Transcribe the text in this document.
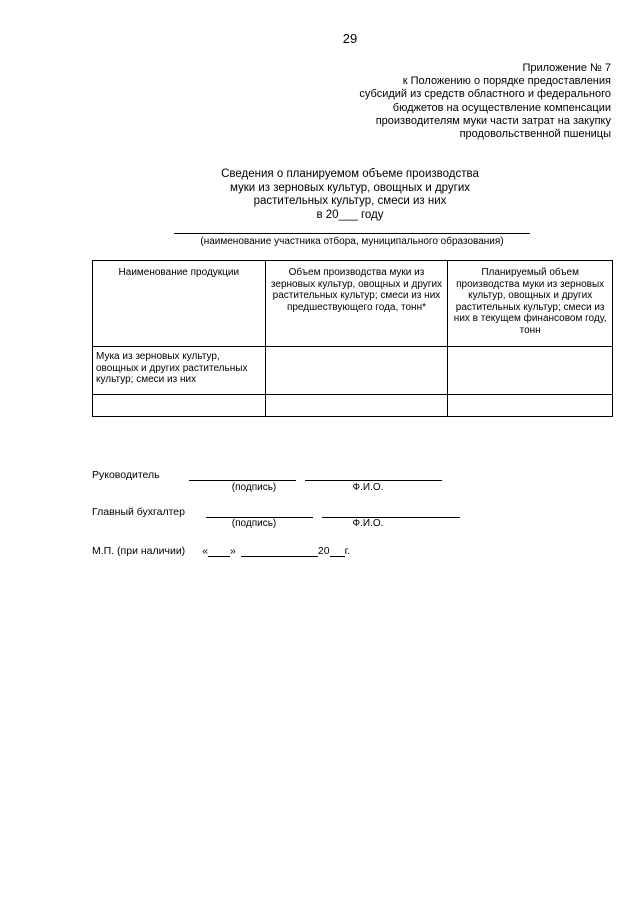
29
Приложение № 7
к Положению о порядке предоставления
субсидий из средств областного и федерального
бюджетов на осуществление компенсации
производителям муки части затрат на закупку
продовольственной пшеницы
Сведения о планируемом объеме производства
муки из зерновых культур, овощных и других
растительных культур, смеси из них
в 20___ году
(наименование участника отбора, муниципального образования)
Наименование продукции	Объем производства муки из зерновых культур, овощных и других растительных культур; смеси из них предшествующего года, тонн*	Планируемый объем производства муки из зерновых культур, овощных и других растительных культур; смеси из них в текущем финансовом году, тонн
Мука из зерновых культур, овощных и других растительных культур; смеси из них		

Руководитель
(подпись)	Ф.И.О.
Главный бухгалтер
(подпись)	Ф.И.О.
М.П. (при наличии) « »	20 г.
